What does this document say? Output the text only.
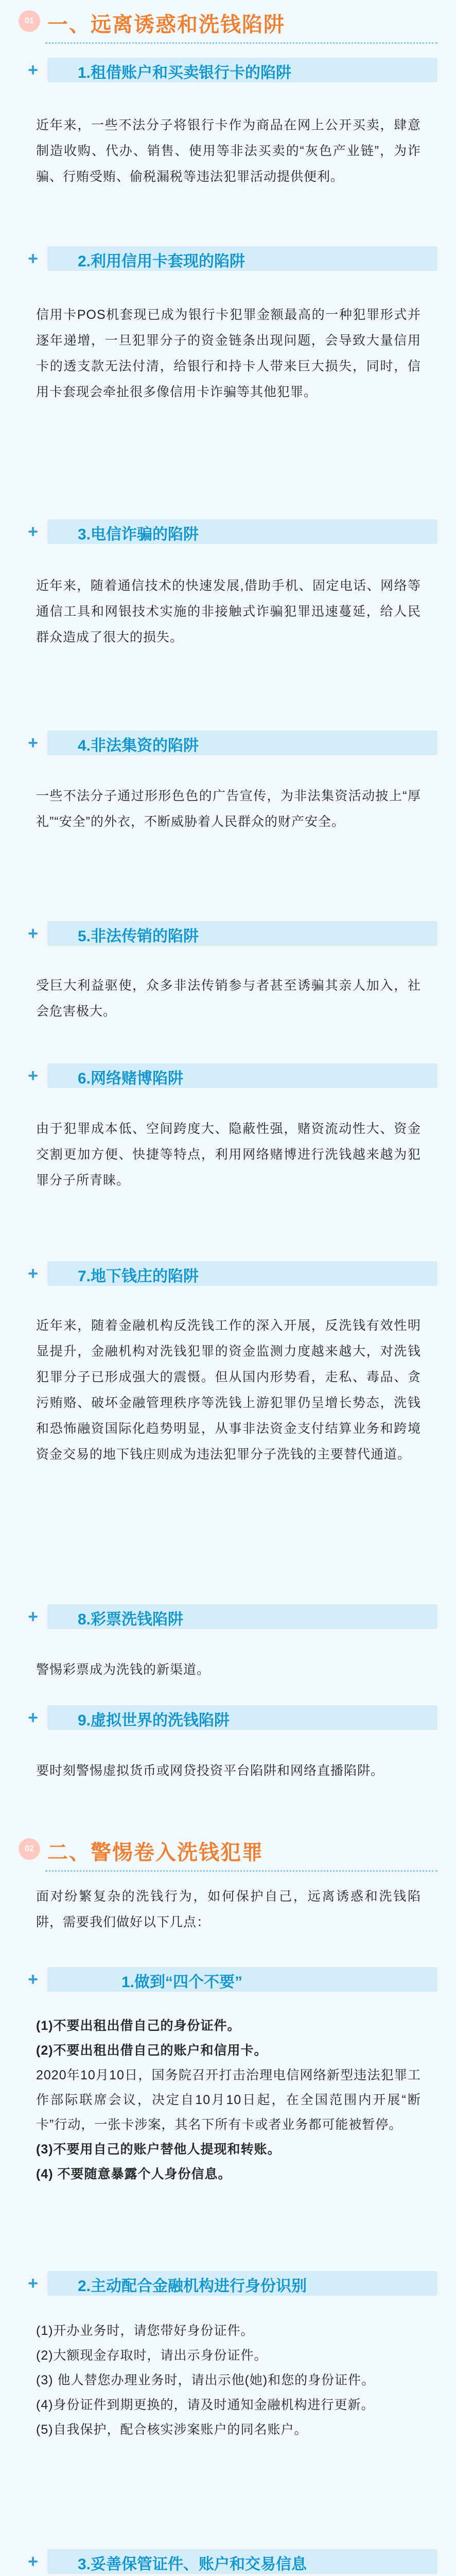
01 一、远离诱惑和洗钱陷阱
+	1.租借账户和买卖银行卡的陷阱
近年来，一些不法分子将银行卡作为商品在网上公开买卖，肆意制造收购、代办、销售、使用等非法买卖的“灰色产业链”，为诈骗、行贿受贿、偷税漏税等违法犯罪活动提供便利。
+	2.利用信用卡套现的陷阱
信用卡POS机套现已成为银行卡犯罪金额最高的一种犯罪形式并逐年递增，一旦犯罪分子的资金链条出现问题，会导致大量信用卡的透支款无法付清，给银行和持卡人带来巨大损失，同时，信用卡套现会牵扯很多像信用卡诈骗等其他犯罪。
+	3.电信诈骗的陷阱
近年来，随着通信技术的快速发展,借助手机、固定电话、网络等通信工具和网银技术实施的非接触式诈骗犯罪迅速蔓延，给人民群众造成了很大的损失。
+	4.非法集资的陷阱
一些不法分子通过形形色色的广告宣传，为非法集资活动披上“厚礼”“安全”的外衣，不断威胁着人民群众的财产安全。
+	5.非法传销的陷阱
受巨大利益驱使，众多非法传销参与者甚至诱骗其亲人加入，社会危害极大。
+	6.网络赌博陷阱
由于犯罪成本低、空间跨度大、隐蔽性强，赌资流动性大、资金交割更加方便、快捷等特点，利用网络赌博进行洗钱越来越为犯罪分子所青睐。
+	7.地下钱庄的陷阱
近年来，随着金融机构反洗钱工作的深入开展，反洗钱有效性明显提升，金融机构对洗钱犯罪的资金监测力度越来越大，对洗钱犯罪分子已形成强大的震慑。但从国内形势看，走私、毒品、贪污贿赂、破坏金融管理秩序等洗钱上游犯罪仍呈增长势态，洗钱和恐怖融资国际化趋势明显，从事非法资金支付结算业务和跨境资金交易的地下钱庄则成为违法犯罪分子洗钱的主要替代通道。
+	8.彩票洗钱陷阱
警惕彩票成为洗钱的新渠道。
+	9.虚拟世界的洗钱陷阱
要时刻警惕虚拟货币或网贷投资平台陷阱和网络直播陷阱。
02 二、警惕卷入洗钱犯罪
面对纷繁复杂的洗钱行为，如何保护自己，远离诱惑和洗钱陷阱，需要我们做好以下几点：
+	1.做到“四个不要”
(1)不要出租出借自己的身份证件。
(2)不要出租出借自己的账户和信用卡。
2020年10月10日，国务院召开打击治理电信网络新型违法犯罪工作部际联席会议，决定自10月10日起，在全国范围内开展“断卡”行动，一张卡涉案，其名下所有卡或者业务都可能被暂停。
(3)不要用自己的账户替他人提现和转账。
(4) 不要随意暴露个人身份信息。
+	2.主动配合金融机构进行身份识别
(1)开办业务时，请您带好身份证件。
(2)大额现金存取时，请出示身份证件。
(3) 他人替您办理业务时，请出示他(她)和您的身份证件。
(4)身份证件到期更换的，请及时通知金融机构进行更新。
(5)自我保护，配合核实涉案账户的同名账户。
+	3.妥善保管证件、账户和交易信息
